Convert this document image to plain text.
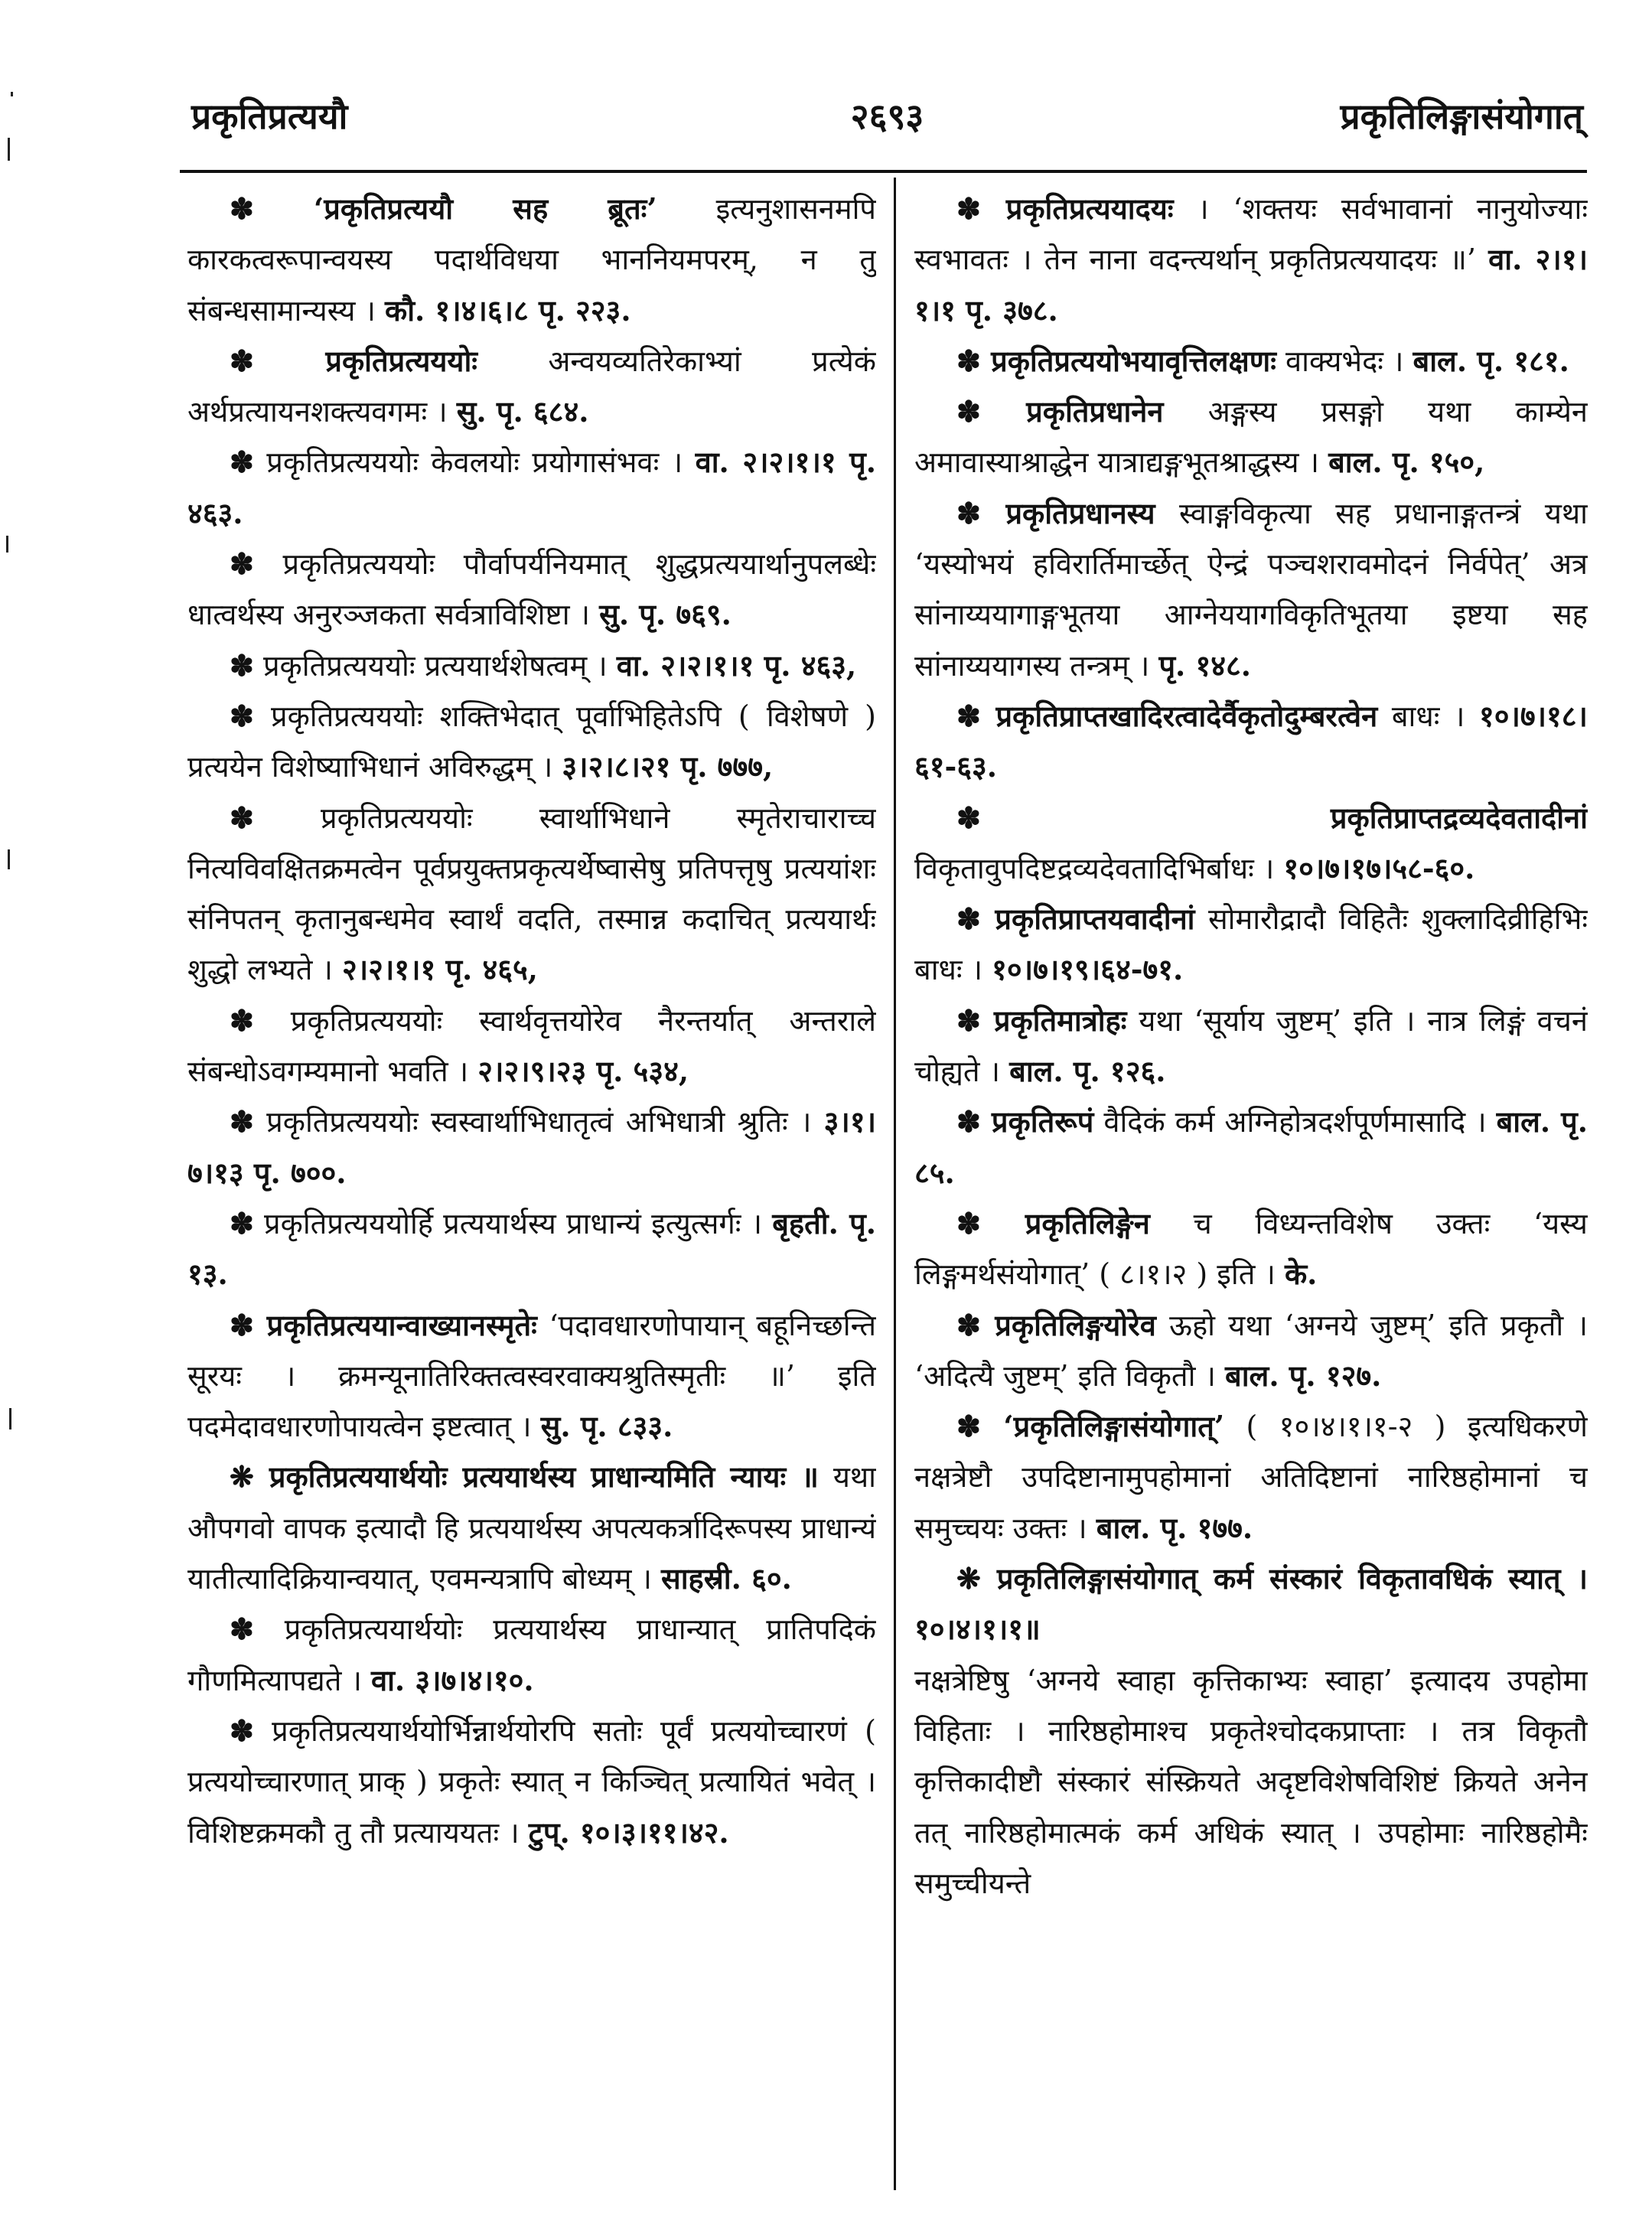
प्रकृतिप्रत्ययौ	२६९३	प्रकृतिलिङ्गासंयोगात्

✽ ‘प्रकृतिप्रत्ययौ सह ब्रूतः’ इत्यनुशासनमपि कारकत्वरूपान्वयस्य पदार्थविधया भाननियमपरम्, न तु संबन्धसामान्यस्य । कौ. १।४।६।८ पृ. २२३.

✽ प्रकृतिप्रत्यययोः अन्वयव्यतिरेकाभ्यां प्रत्येकं अर्थप्रत्यायनशक्त्यवगमः । सु. पृ. ६८४.

✽ प्रकृतिप्रत्यययोः केवलयोः प्रयोगासंभवः । वा. २।२।१।१ पृ. ४६३.

✽ प्रकृतिप्रत्यययोः पौर्वापर्यनियमात् शुद्धप्रत्ययार्थानुपलब्धेः धात्वर्थस्य अनुरञ्जकता सर्वत्राविशिष्टा । सु. पृ. ७६९.

✽ प्रकृतिप्रत्यययोः प्रत्ययार्थशेषत्वम् । वा. २।२।१।१ पृ. ४६३,

✽ प्रकृतिप्रत्यययोः शक्तिभेदात् पूर्वाभिहितेऽपि ( विशेषणे ) प्रत्ययेन विशेष्याभिधानं अविरुद्धम् । ३।२।८।२१ पृ. ७७७,

✽ प्रकृतिप्रत्यययोः स्वार्थाभिधाने स्मृतेराचाराच्च नित्यविवक्षितक्रमत्वेन पूर्वप्रयुक्तप्रकृत्यर्थेष्वासेषु प्रतिपत्तृषु प्रत्ययांशः संनिपतन् कृतानुबन्धमेव स्वार्थं वदति, तस्मान्न कदाचित् प्रत्ययार्थः शुद्धो लभ्यते । २।२।१।१ पृ. ४६५,

✽ प्रकृतिप्रत्यययोः स्वार्थवृत्तयोरेव नैरन्तर्यात् अन्तराले संबन्धोऽवगम्यमानो भवति । २।२।९।२३ पृ. ५३४,

✽ प्रकृतिप्रत्यययोः स्वस्वार्थाभिधातृत्वं अभिधात्री श्रुतिः । ३।१।७।१३ पृ. ७००.

✽ प्रकृतिप्रत्यययोर्हि प्रत्ययार्थस्य प्राधान्यं इत्युत्सर्गः । बृहती. पृ. १३.

✽ प्रकृतिप्रत्ययान्वाख्यानस्मृतेः ‘पदावधारणोपायान् बहूनिच्छन्ति सूरयः । क्रमन्यूनातिरिक्तत्वस्वरवाक्यश्रुतिस्मृतीः ॥’ इति पदमेदावधारणोपायत्वेन इष्टत्वात् । सु. पृ. ८३३.

❋ प्रकृतिप्रत्ययार्थयोः प्रत्ययार्थस्य प्राधान्यमिति न्यायः ॥ यथा औपगवो वापक इत्यादौ हि प्रत्ययार्थस्य अपत्यकर्त्रादिरूपस्य प्राधान्यं यातीत्यादिक्रियान्वयात्, एवमन्यत्रापि बोध्यम् । साहस्री. ६०.

✽ प्रकृतिप्रत्ययार्थयोः प्रत्ययार्थस्य प्राधान्यात् प्रातिपदिकं गौणमित्यापद्यते । वा. ३।७।४।१०.

✽ प्रकृतिप्रत्ययार्थयोर्भिन्नार्थयोरपि सतोः पूर्वं प्रत्ययोच्चारणं ( प्रत्ययोच्चारणात् प्राक् ) प्रकृतेः स्यात् न किञ्चित् प्रत्यायितं भवेत् । विशिष्टक्रमकौ तु तौ प्रत्याययतः । टुप्. १०।३।११।४२.

✽ प्रकृतिप्रत्ययादयः । ‘शक्तयः सर्वभावानां नानुयोज्याः स्वभावतः । तेन नाना वदन्त्यर्थान् प्रकृतिप्रत्ययादयः ॥’ वा. २।१।१।१ पृ. ३७८.

✽ प्रकृतिप्रत्ययोभयावृत्तिलक्षणः वाक्यभेदः । बाल. पृ. १८१.

✽ प्रकृतिप्रधानेन अङ्गस्य प्रसङ्गो यथा काम्येन अमावास्याश्राद्धेन यात्राद्यङ्गभूतश्राद्धस्य । बाल. पृ. १५०,

✽ प्रकृतिप्रधानस्य स्वाङ्गविकृत्या सह प्रधानाङ्गतन्त्रं यथा ‘यस्योभयं हविरार्तिमार्च्छेत् ऐन्द्रं पञ्चशरावमोदनं निर्वपेत्’ अत्र सांनाय्ययागाङ्गभूतया आग्नेययागविकृतिभूतया इष्टया सह सांनाय्ययागस्य तन्त्रम् । पृ. १४८.

✽ प्रकृतिप्राप्तखादिरत्वादेर्वैकृतोदुम्बरत्वेन बाधः । १०।७।१८।६१-६३.

✽ प्रकृतिप्राप्तद्रव्यदेवतादीनां विकृतावुपदिष्टद्रव्यदेवतादिभिर्बाधः । १०।७।१७।५८-६०.

✽ प्रकृतिप्राप्तयवादीनां सोमारौद्रादौ विहितैः शुक्लादिव्रीहिभिः बाधः । १०।७।१९।६४-७१.

✽ प्रकृतिमात्रोहः यथा ‘सूर्याय जुष्टम्’ इति । नात्र लिङ्गं वचनं चोह्यते । बाल. पृ. १२६.

✽ प्रकृतिरूपं वैदिकं कर्म अग्निहोत्रदर्शपूर्णमासादि । बाल. पृ. ८५.

✽ प्रकृतिलिङ्गेन च विध्यन्तविशेष उक्तः ‘यस्य लिङ्गमर्थसंयोगात्’ ( ८।१।२ ) इति । के.

✽ प्रकृतिलिङ्गयोरेव ऊहो यथा ‘अग्नये जुष्टम्’ इति प्रकृतौ । ‘अदित्यै जुष्टम्’ इति विकृतौ । बाल. पृ. १२७.

✽ ‘प्रकृतिलिङ्गासंयोगात्’ ( १०।४।१।१-२ ) इत्यधिकरणे नक्षत्रेष्टौ उपदिष्टानामुपहोमानां अतिदिष्टानां नारिष्ठहोमानां च समुच्चयः उक्तः । बाल. पृ. १७७.

❋ प्रकृतिलिङ्गासंयोगात् कर्म संस्कारं विकृतावधिकं स्यात् । १०।४।१।१॥

नक्षत्रेष्टिषु ‘अग्नये स्वाहा कृत्तिकाभ्यः स्वाहा’ इत्यादय उपहोमा विहिताः । नारिष्ठहोमाश्च प्रकृतेश्चोदकप्राप्ताः । तत्र विकृतौ कृत्तिकादीष्टौ संस्कारं संस्क्रियते अदृष्टविशेषविशिष्टं क्रियते अनेन तत् नारिष्ठहोमात्मकं कर्म अधिकं स्यात् । उपहोमाः नारिष्ठहोमैः समुच्चीयन्ते
